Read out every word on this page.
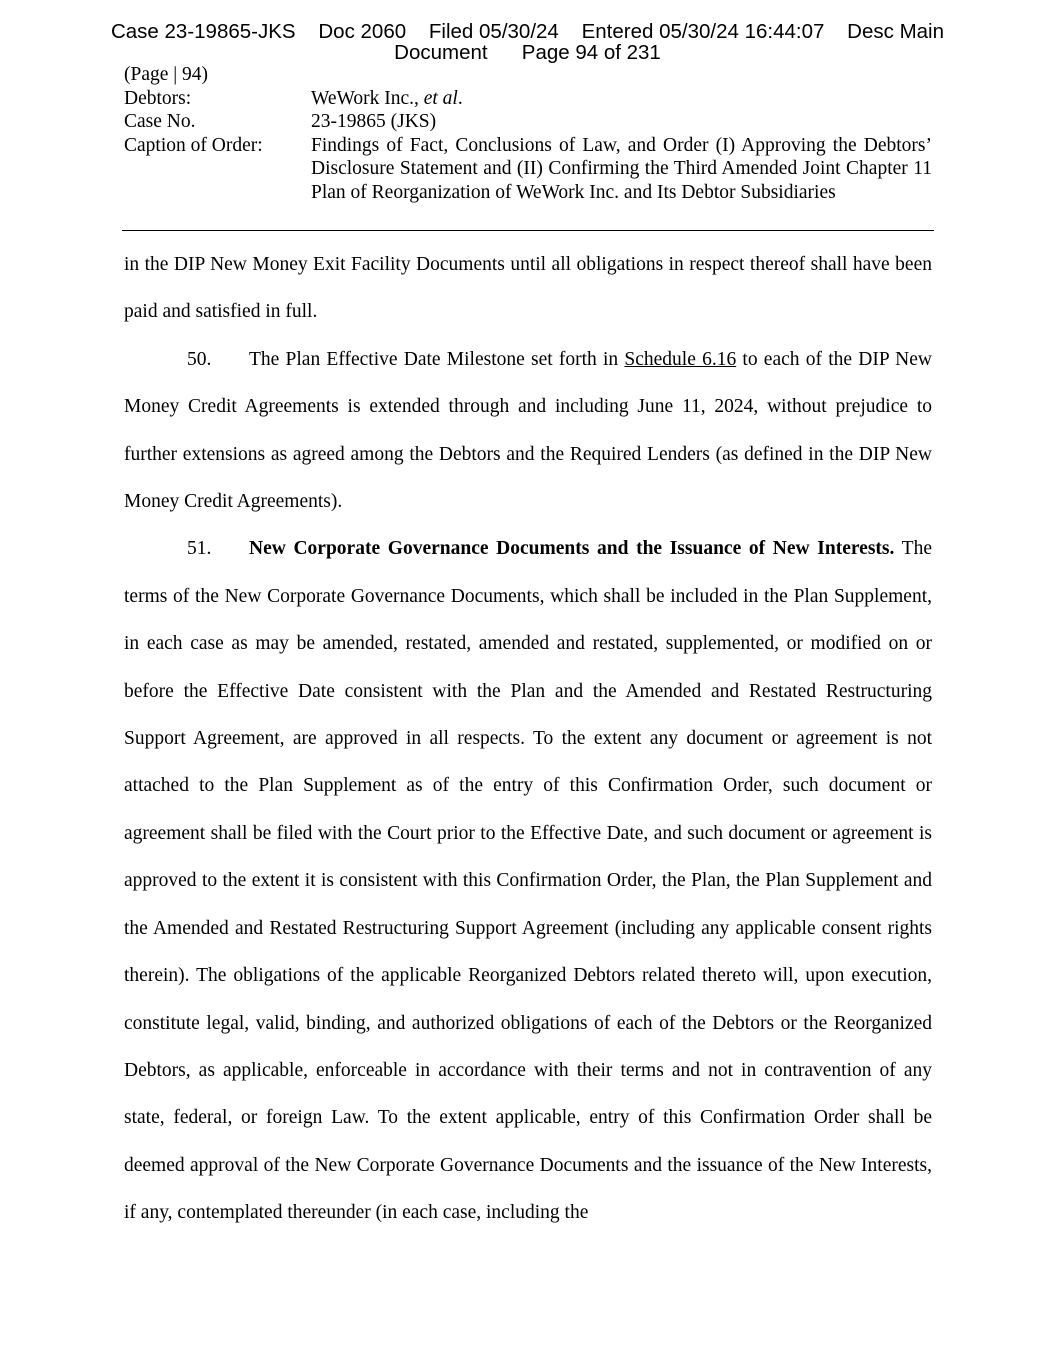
Case 23-19865-JKS    Doc 2060    Filed 05/30/24    Entered 05/30/24 16:44:07    Desc Main
Document Page 94 of 231
(Page | 94)
Debtors:	WeWork Inc., et al.
Case No.	23-19865 (JKS)
Caption of Order:	Findings of Fact, Conclusions of Law, and Order (I) Approving the Debtors’ Disclosure Statement and (II) Confirming the Third Amended Joint Chapter 11 Plan of Reorganization of WeWork Inc. and Its Debtor Subsidiaries

in the DIP New Money Exit Facility Documents until all obligations in respect thereof shall have been paid and satisfied in full.

50. The Plan Effective Date Milestone set forth in Schedule 6.16 to each of the DIP New Money Credit Agreements is extended through and including June 11, 2024, without prejudice to further extensions as agreed among the Debtors and the Required Lenders (as defined in the DIP New Money Credit Agreements).

51. New Corporate Governance Documents and the Issuance of New Interests. The terms of the New Corporate Governance Documents, which shall be included in the Plan Supplement, in each case as may be amended, restated, amended and restated, supplemented, or modified on or before the Effective Date consistent with the Plan and the Amended and Restated Restructuring Support Agreement, are approved in all respects. To the extent any document or agreement is not attached to the Plan Supplement as of the entry of this Confirmation Order, such document or agreement shall be filed with the Court prior to the Effective Date, and such document or agreement is approved to the extent it is consistent with this Confirmation Order, the Plan, the Plan Supplement and the Amended and Restated Restructuring Support Agreement (including any applicable consent rights therein). The obligations of the applicable Reorganized Debtors related thereto will, upon execution, constitute legal, valid, binding, and authorized obligations of each of the Debtors or the Reorganized Debtors, as applicable, enforceable in accordance with their terms and not in contravention of any state, federal, or foreign Law. To the extent applicable, entry of this Confirmation Order shall be deemed approval of the New Corporate Governance Documents and the issuance of the New Interests, if any, contemplated thereunder (in each case, including the
